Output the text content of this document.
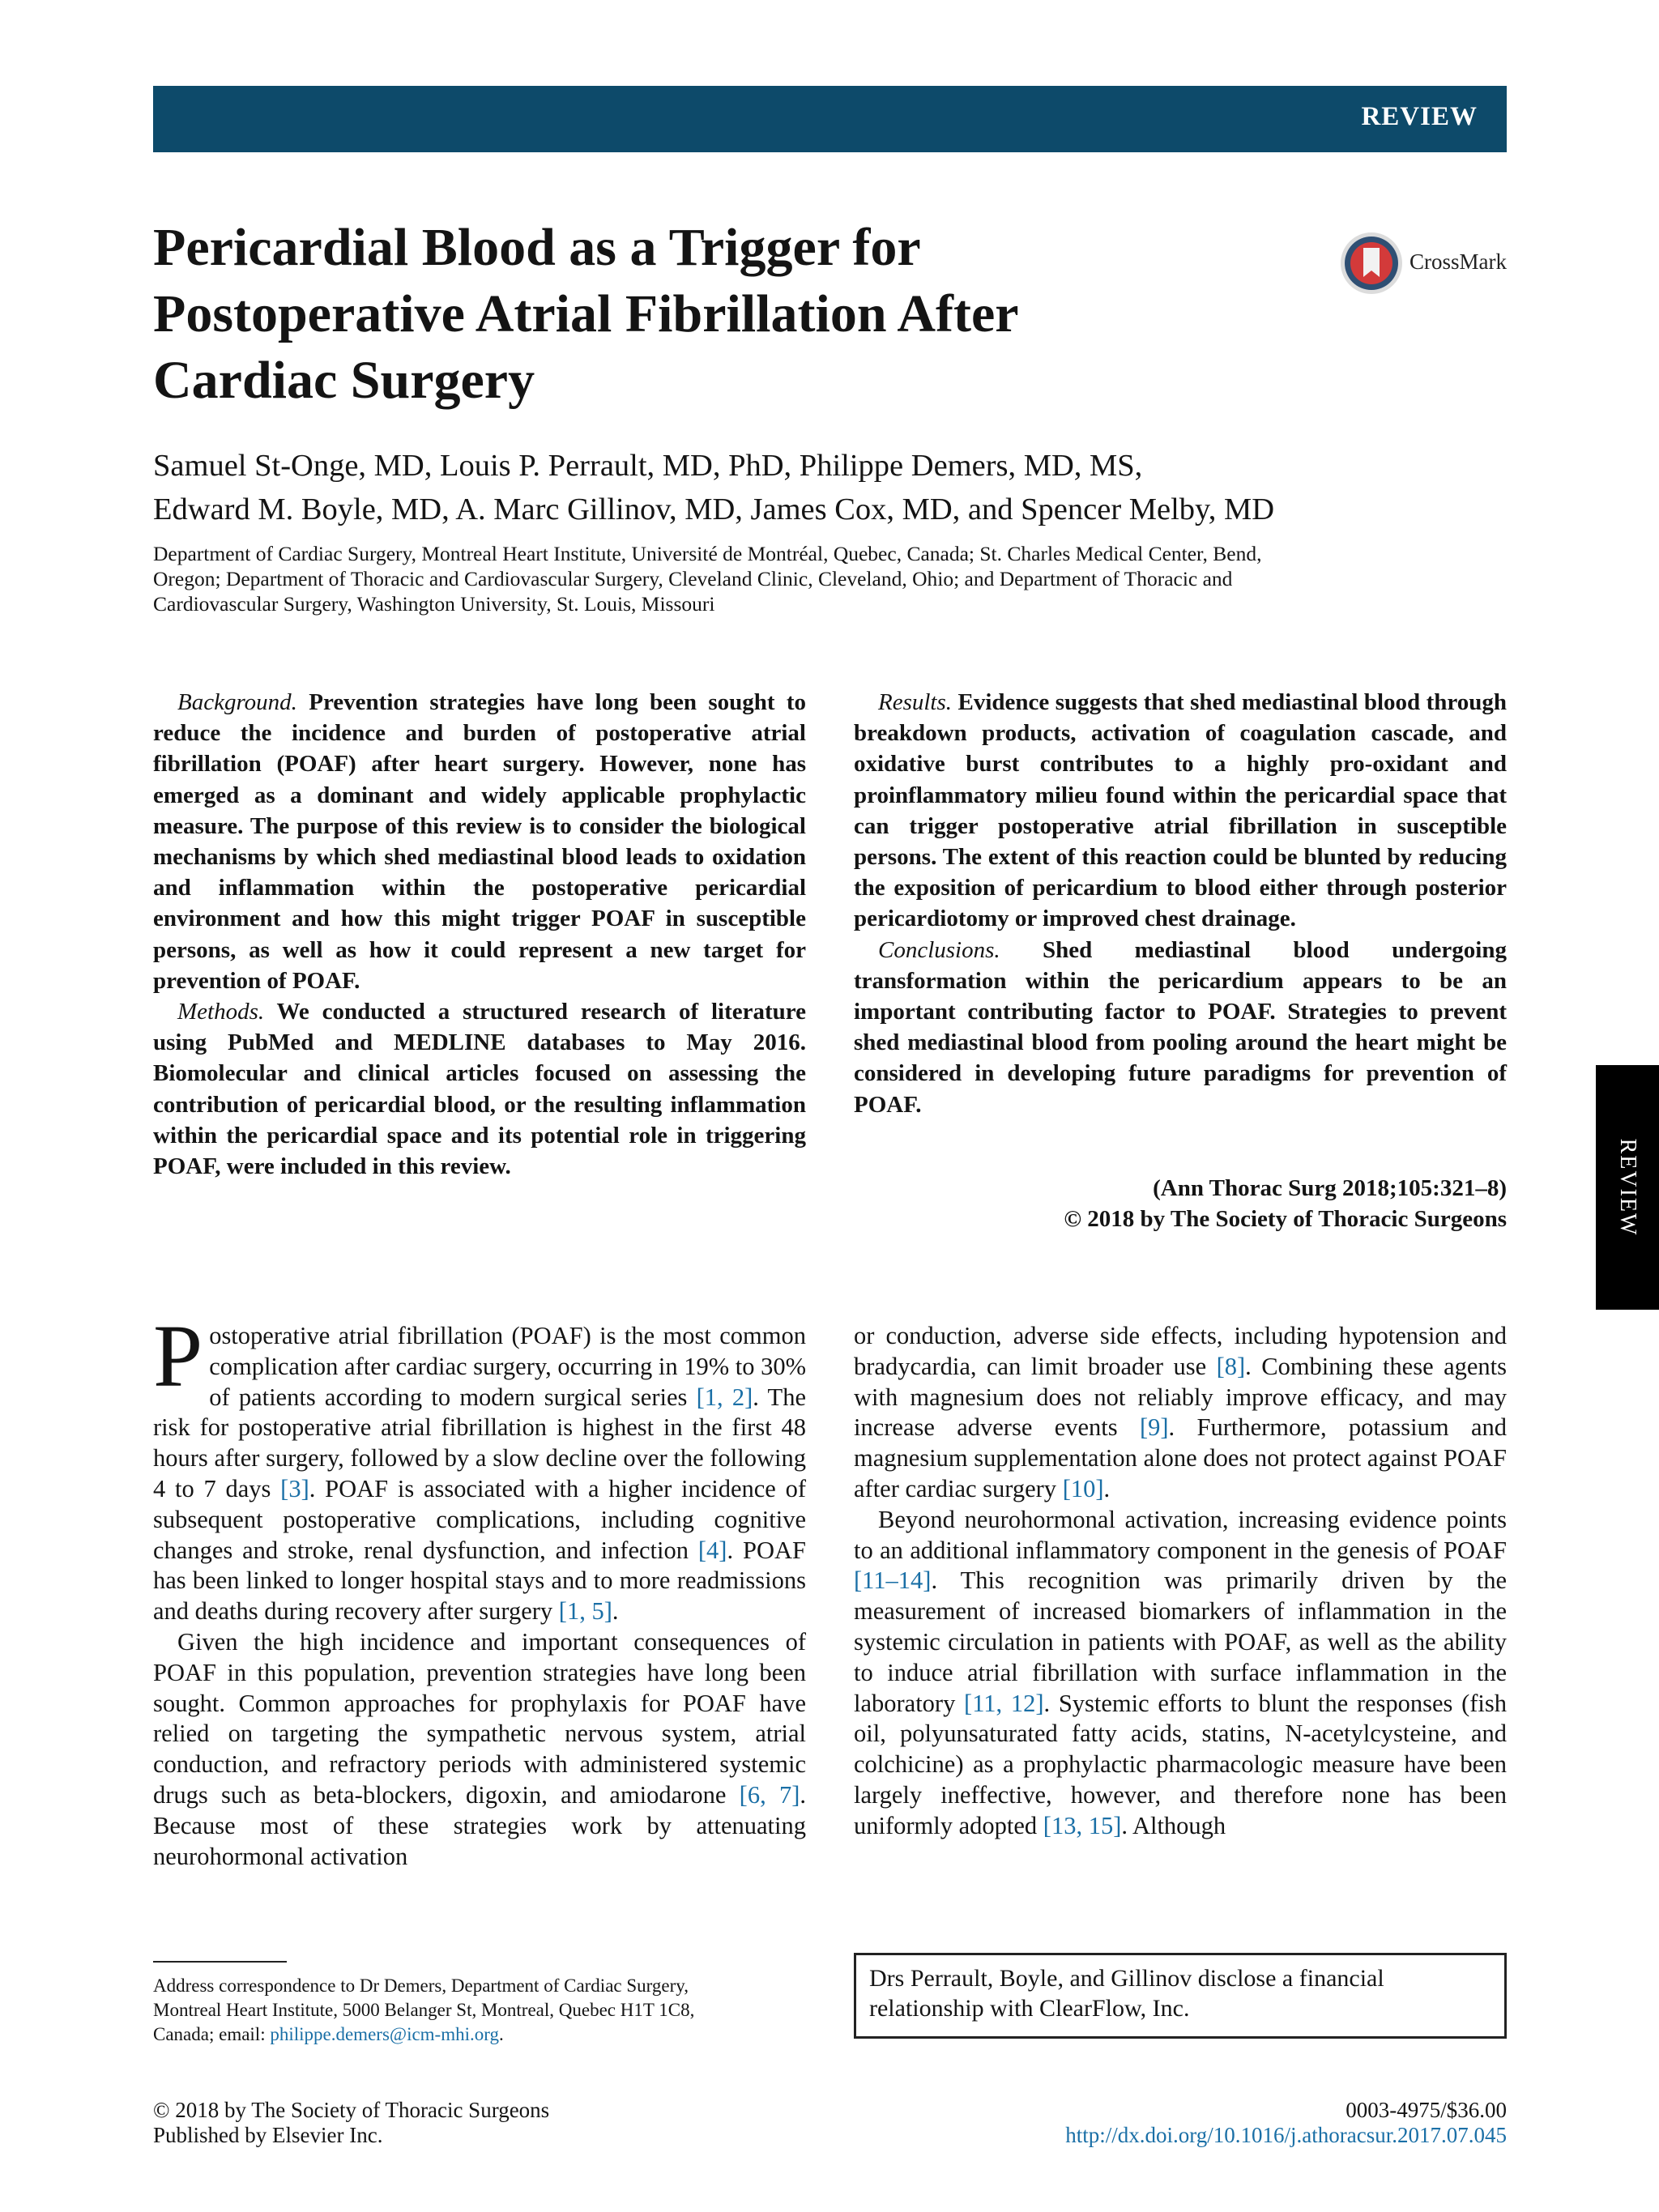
REVIEW
Pericardial Blood as a Trigger for
Postoperative Atrial Fibrillation After
Cardiac Surgery
CrossMark
Samuel St-Onge, MD, Louis P. Perrault, MD, PhD, Philippe Demers, MD, MS,
Edward M. Boyle, MD, A. Marc Gillinov, MD, James Cox, MD, and Spencer Melby, MD
Department of Cardiac Surgery, Montreal Heart Institute, Université de Montréal, Quebec, Canada; St. Charles Medical Center, Bend,
Oregon; Department of Thoracic and Cardiovascular Surgery, Cleveland Clinic, Cleveland, Ohio; and Department of Thoracic and
Cardiovascular Surgery, Washington University, St. Louis, Missouri

Background. Prevention strategies have long been sought to reduce the incidence and burden of postoperative atrial fibrillation (POAF) after heart surgery. However, none has emerged as a dominant and widely applicable prophylactic measure. The purpose of this review is to consider the biological mechanisms by which shed mediastinal blood leads to oxidation and inflammation within the postoperative pericardial environment and how this might trigger POAF in susceptible persons, as well as how it could represent a new target for prevention of POAF.

Methods. We conducted a structured research of literature using PubMed and MEDLINE databases to May 2016. Biomolecular and clinical articles focused on assessing the contribution of pericardial blood, or the resulting inflammation within the pericardial space and its potential role in triggering POAF, were included in this review.

Results. Evidence suggests that shed mediastinal blood through breakdown products, activation of coagulation cascade, and oxidative burst contributes to a highly pro-oxidant and proinflammatory milieu found within the pericardial space that can trigger postoperative atrial fibrillation in susceptible persons. The extent of this reaction could be blunted by reducing the exposition of pericardium to blood either through posterior pericardiotomy or improved chest drainage.

Conclusions. Shed mediastinal blood undergoing transformation within the pericardium appears to be an important contributing factor to POAF. Strategies to prevent shed mediastinal blood from pooling around the heart might be considered in developing future paradigms for prevention of POAF.

(Ann Thorac Surg 2018;105:321–8)
© 2018 by The Society of Thoracic Surgeons	REVIEW

Postoperative atrial fibrillation (POAF) is the most common complication after cardiac surgery, occurring in 19% to 30% of patients according to modern surgical series [1, 2]. The risk for postoperative atrial fibrillation is highest in the first 48 hours after surgery, followed by a slow decline over the following 4 to 7 days [3]. POAF is associated with a higher incidence of subsequent postoperative complications, including cognitive changes and stroke, renal dysfunction, and infection [4]. POAF has been linked to longer hospital stays and to more readmissions and deaths during recovery after surgery [1, 5].

Given the high incidence and important consequences of POAF in this population, prevention strategies have long been sought. Common approaches for prophylaxis for POAF have relied on targeting the sympathetic nervous system, atrial conduction, and refractory periods with administered systemic drugs such as beta-blockers, digoxin, and amiodarone [6, 7]. Because most of these strategies work by attenuating neurohormonal activation

or conduction, adverse side effects, including hypotension and bradycardia, can limit broader use [8]. Combining these agents with magnesium does not reliably improve efficacy, and may increase adverse events [9]. Furthermore, potassium and magnesium supplementation alone does not protect against POAF after cardiac surgery [10].

Beyond neurohormonal activation, increasing evidence points to an additional inflammatory component in the genesis of POAF [11–14]. This recognition was primarily driven by the measurement of increased biomarkers of inflammation in the systemic circulation in patients with POAF, as well as the ability to induce atrial fibrillation with surface inflammation in the laboratory [11, 12]. Systemic efforts to blunt the responses (fish oil, polyunsaturated fatty acids, statins, N-acetylcysteine, and colchicine) as a prophylactic pharmacologic measure have been largely ineffective, however, and therefore none has been uniformly adopted [13, 15]. Although

Address correspondence to Dr Demers, Department of Cardiac Surgery,
Montreal Heart Institute, 5000 Belanger St, Montreal, Quebec H1T 1C8,
Canada; email: philippe.demers@icm-mhi.org.
Drs Perrault, Boyle, and Gillinov disclose a financial
relationship with ClearFlow, Inc.
© 2018 by The Society of Thoracic Surgeons
Published by Elsevier Inc.
0003-4975/$36.00
http://dx.doi.org/10.1016/j.athoracsur.2017.07.045
